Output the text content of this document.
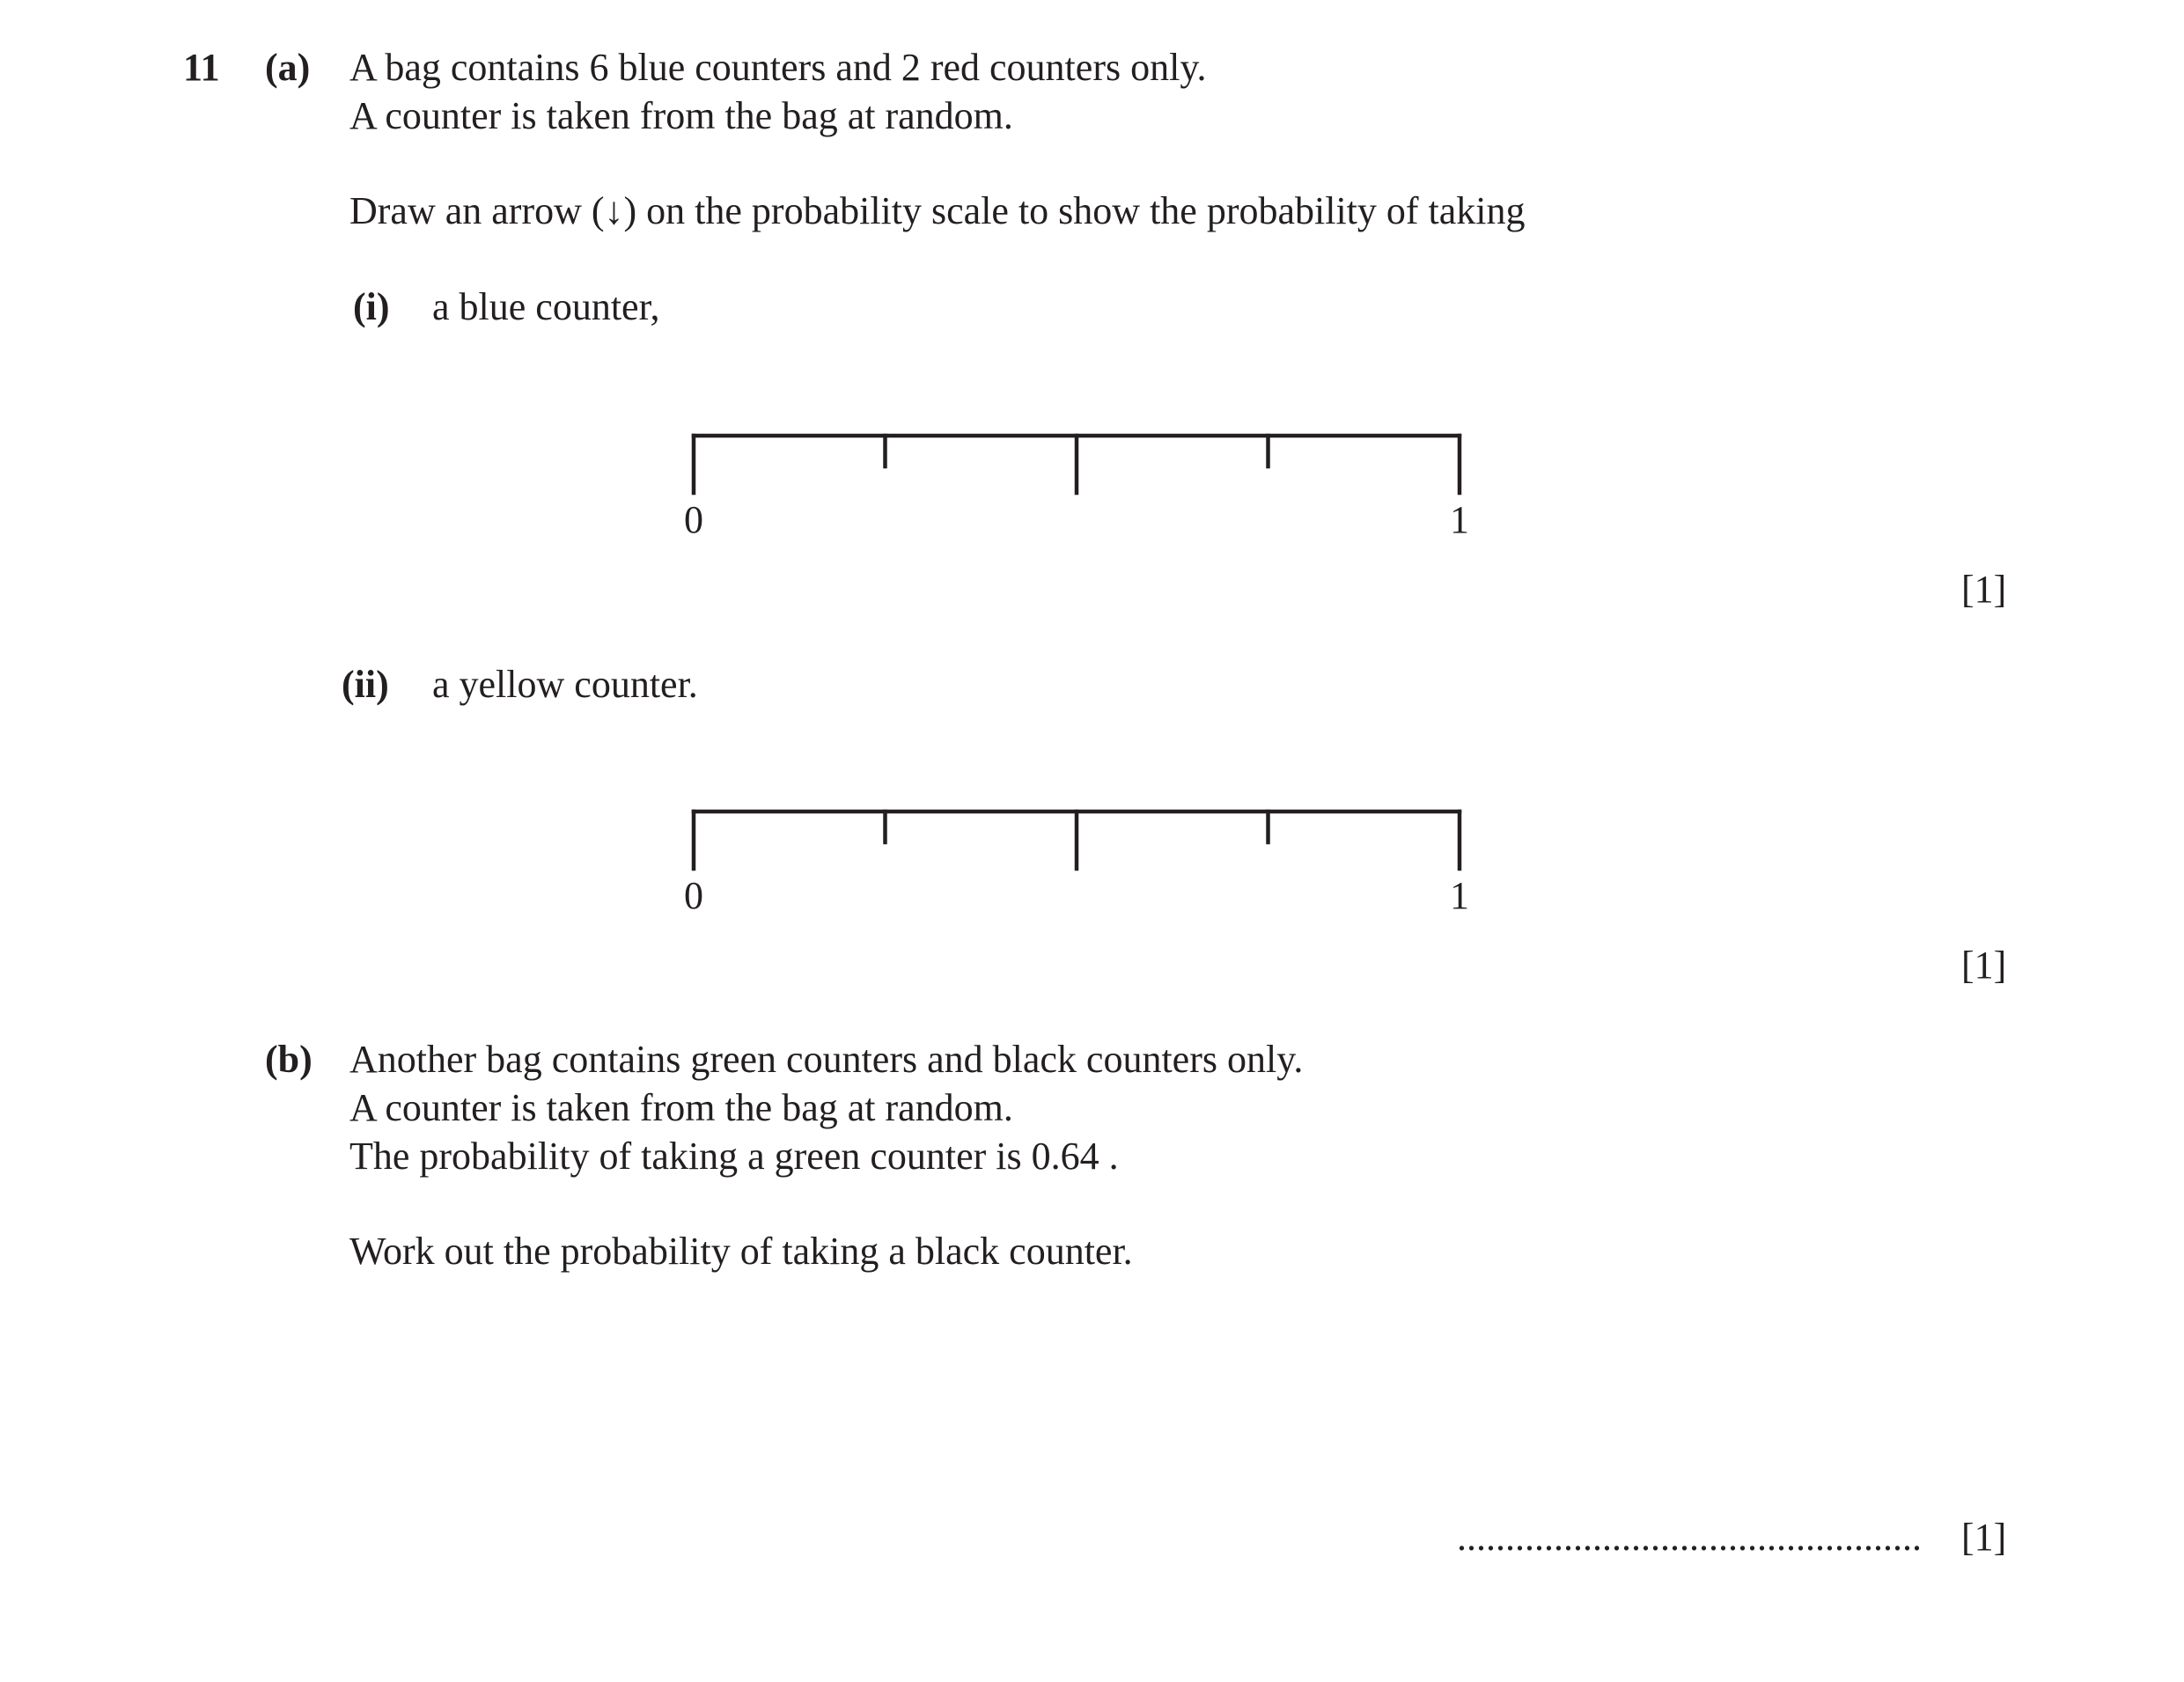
11 (a) A bag contains 6 blue counters and 2 red counters only.
A counter is taken from the bag at random.
Draw an arrow (↓) on the probability scale to show the probability of taking
(i) a blue counter,
0	1
[1]
(ii) a yellow counter.
0	1
[1]
(b) Another bag contains green counters and black counters only.
A counter is taken from the bag at random.
The probability of taking a green counter is 0.64 .
Work out the probability of taking a black counter.
................................................	[1]
